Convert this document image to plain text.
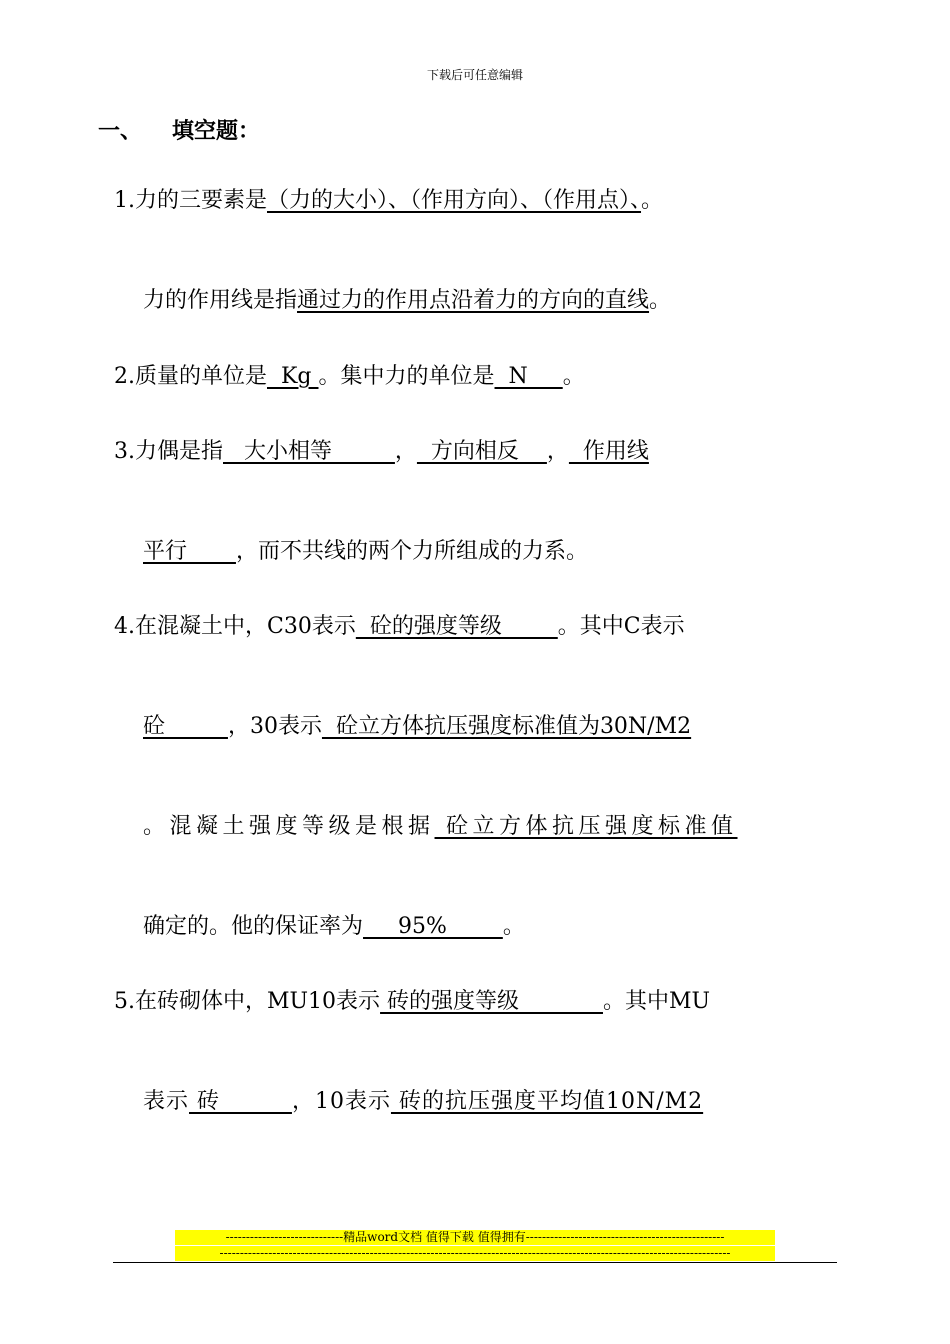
下载后可任意编辑
一、 填空题：
1.力的三要素是（力的大小）、（作用方向）、（作用点）、。
力的作用线是指通过力的作用点沿着力的方向的直线。
2.质量的单位是  Kg 。集中力的单位是  N     。
3.力偶是指   大小相等         ，  方向相反    ，  作用线
平行       ，而不共线的两个力所组成的力系。
4.在混凝土中，C30表示  砼的强度等级        。其中C表示
砼         ，30表示  砼立方体抗压强度标准值为30N/M2
。混凝土强度等级是根据 砼立方体抗压强度标准值
确定的。他的保证率为     95%        。
5.在砖砌体中，MU10表示 砖的强度等级            。其中MU
表示 砖         ，10表示 砖的抗压强度平均值10N/M2
-----------------------------精品word文档 值得下载 值得拥有-------------------------------------------------
------------------------------------------------------------------------------------------------------------------------------
